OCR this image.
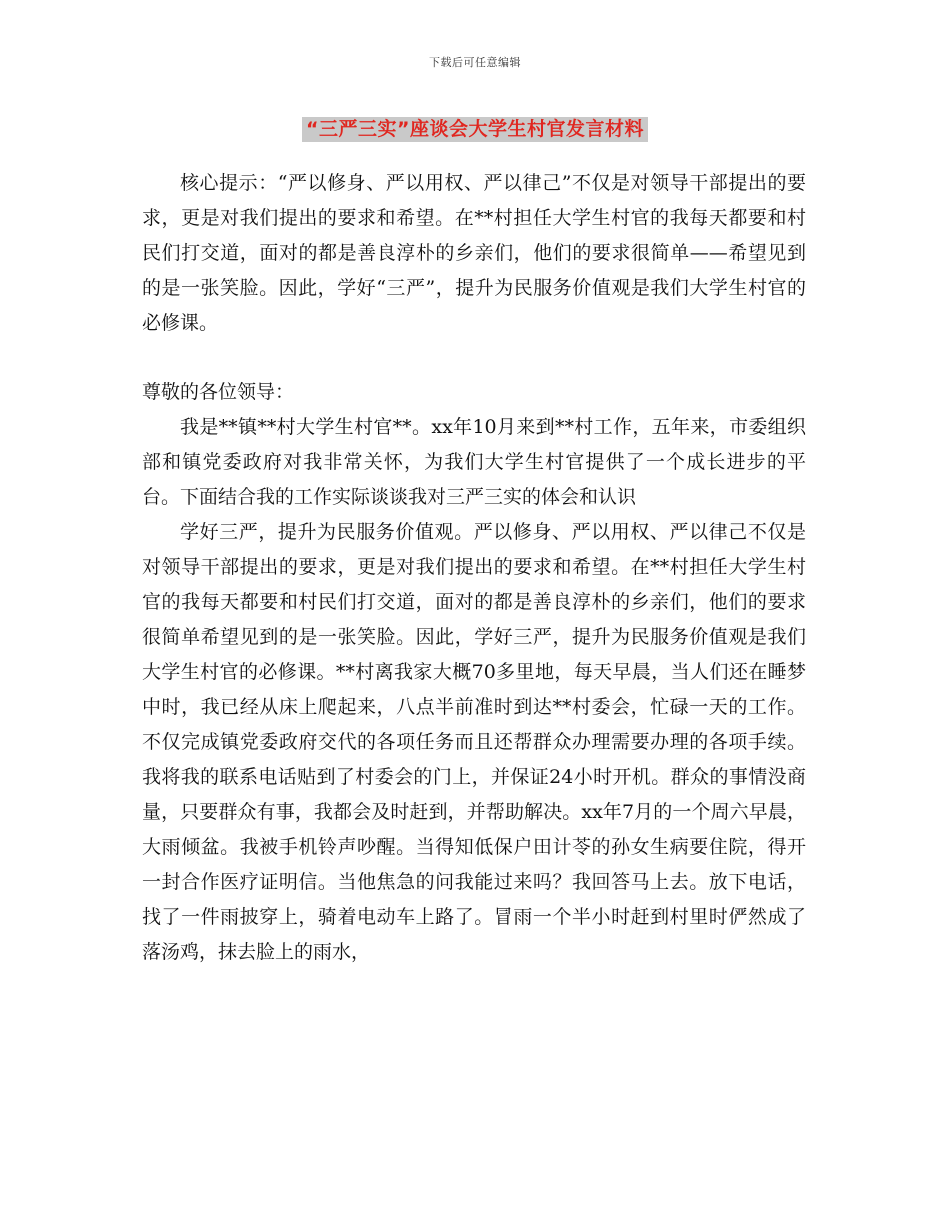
下载后可任意编辑
“三严三实”座谈会大学生村官发言材料

核心提示：“严以修身、严以用权、严以律己”不仅是对领导干部提出的要求，更是对我们提出的要求和希望。在**村担任大学生村官的我每天都要和村民们打交道，面对的都是善良淳朴的乡亲们，他们的要求很简单——希望见到的是一张笑脸。因此，学好“三严”，提升为民服务价值观是我们大学生村官的必修课。

尊敬的各位领导：

我是**镇**村大学生村官**。xx年10月来到**村工作，五年来，市委组织部和镇党委政府对我非常关怀，为我们大学生村官提供了一个成长进步的平台。下面结合我的工作实际谈谈我对三严三实的体会和认识

学好三严，提升为民服务价值观。严以修身、严以用权、严以律己不仅是对领导干部提出的要求，更是对我们提出的要求和希望。在**村担任大学生村官的我每天都要和村民们打交道，面对的都是善良淳朴的乡亲们，他们的要求很简单希望见到的是一张笑脸。因此，学好三严，提升为民服务价值观是我们大学生村官的必修课。**村离我家大概70多里地，每天早晨，当人们还在睡梦中时，我已经从床上爬起来，八点半前准时到达**村委会，忙碌一天的工作。不仅完成镇党委政府交代的各项任务而且还帮群众办理需要办理的各项手续。我将我的联系电话贴到了村委会的门上，并保证24小时开机。群众的事情没商量，只要群众有事，我都会及时赶到，并帮助解决。xx年7月的一个周六早晨，大雨倾盆。我被手机铃声吵醒。当得知低保户田计苓的孙女生病要住院，得开一封合作医疗证明信。当他焦急的问我能过来吗？我回答马上去。放下电话，找了一件雨披穿上，骑着电动车上路了。冒雨一个半小时赶到村里时俨然成了落汤鸡，抹去脸上的雨水，
